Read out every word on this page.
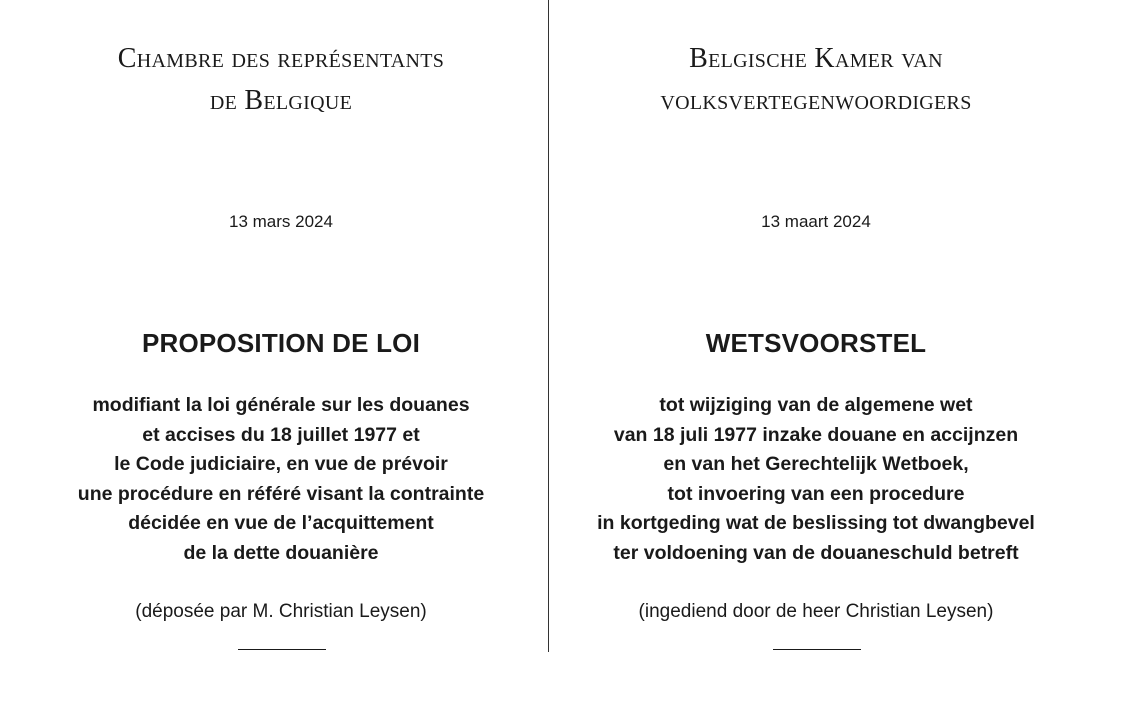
Chambre des représentants
de Belgique
13 mars 2024
PROPOSITION DE LOI
modifiant la loi générale sur les douanes
et accises du 18 juillet 1977 et
le Code judiciaire, en vue de prévoir
une procédure en référé visant la contrainte
décidée en vue de l’acquittement
de la dette douanière
(déposée par M. Christian Leysen)
Belgische Kamer van
volksvertegenwoordigers
13 maart 2024
WETSVOORSTEL
tot wijziging van de algemene wet
van 18 juli 1977 inzake douane en accijnzen
en van het Gerechtelijk Wetboek,
tot invoering van een procedure
in kortgeding wat de beslissing tot dwangbevel
ter voldoening van de douaneschuld betreft
(ingediend door de heer Christian Leysen)
